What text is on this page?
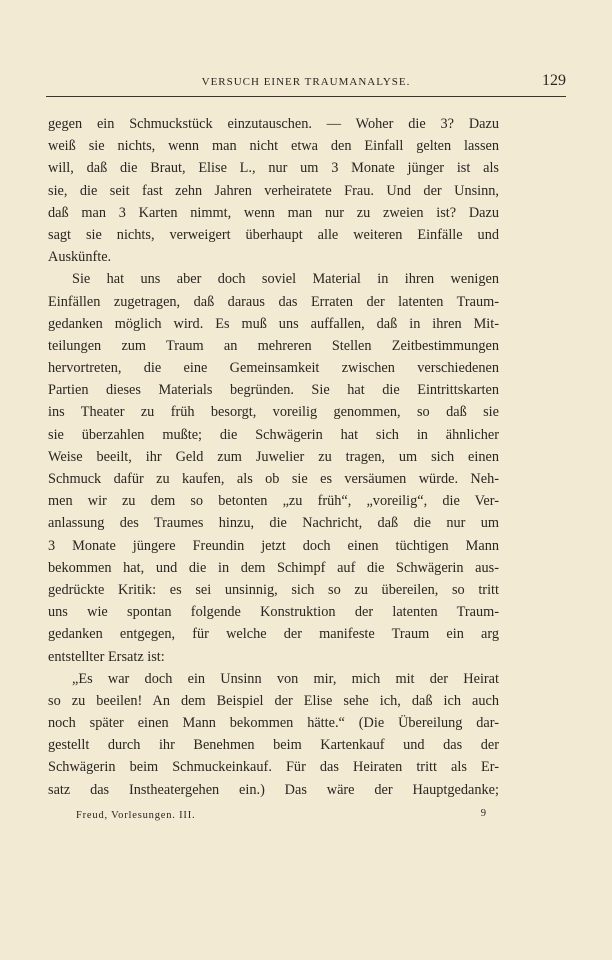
VERSUCH EINER TRAUMANALYSE.	129
gegen ein Schmuckstück einzutauschen. — Woher die 3? Dazu
weiß sie nichts, wenn man nicht etwa den Einfall gelten lassen
will, daß die Braut, Elise L., nur um 3 Monate jünger ist als
sie, die seit fast zehn Jahren verheiratete Frau. Und der Unsinn,
daß man 3 Karten nimmt, wenn man nur zu zweien ist? Dazu
sagt sie nichts, verweigert überhaupt alle weiteren Einfälle und
Auskünfte.
Sie hat uns aber doch soviel Material in ihren wenigen
Einfällen zugetragen, daß daraus das Erraten der latenten Traum-
gedanken möglich wird. Es muß uns auffallen, daß in ihren Mit-
teilungen zum Traum an mehreren Stellen Zeitbestimmungen
hervortreten, die eine Gemeinsamkeit zwischen verschiedenen
Partien dieses Materials begründen. Sie hat die Eintrittskarten
ins Theater zu früh besorgt, voreilig genommen, so daß sie
sie überzahlen mußte; die Schwägerin hat sich in ähnlicher
Weise beeilt, ihr Geld zum Juwelier zu tragen, um sich einen
Schmuck dafür zu kaufen, als ob sie es versäumen würde. Neh-
men wir zu dem so betonten „zu früh“, „voreilig“, die Ver-
anlassung des Traumes hinzu, die Nachricht, daß die nur um
3 Monate jüngere Freundin jetzt doch einen tüchtigen Mann
bekommen hat, und die in dem Schimpf auf die Schwägerin aus-
gedrückte Kritik: es sei unsinnig, sich so zu übereilen, so tritt
uns wie spontan folgende Konstruktion der latenten Traum-
gedanken entgegen, für welche der manifeste Traum ein arg
entstellter Ersatz ist:
„Es war doch ein Unsinn von mir, mich mit der Heirat
so zu beeilen! An dem Beispiel der Elise sehe ich, daß ich auch
noch später einen Mann bekommen hätte.“ (Die Übereilung dar-
gestellt durch ihr Benehmen beim Kartenkauf und das der
Schwägerin beim Schmuckeinkauf. Für das Heiraten tritt als Er-
satz das Instheatergehen ein.) Das wäre der Hauptgedanke;
Freud, Vorlesungen. III.	9
